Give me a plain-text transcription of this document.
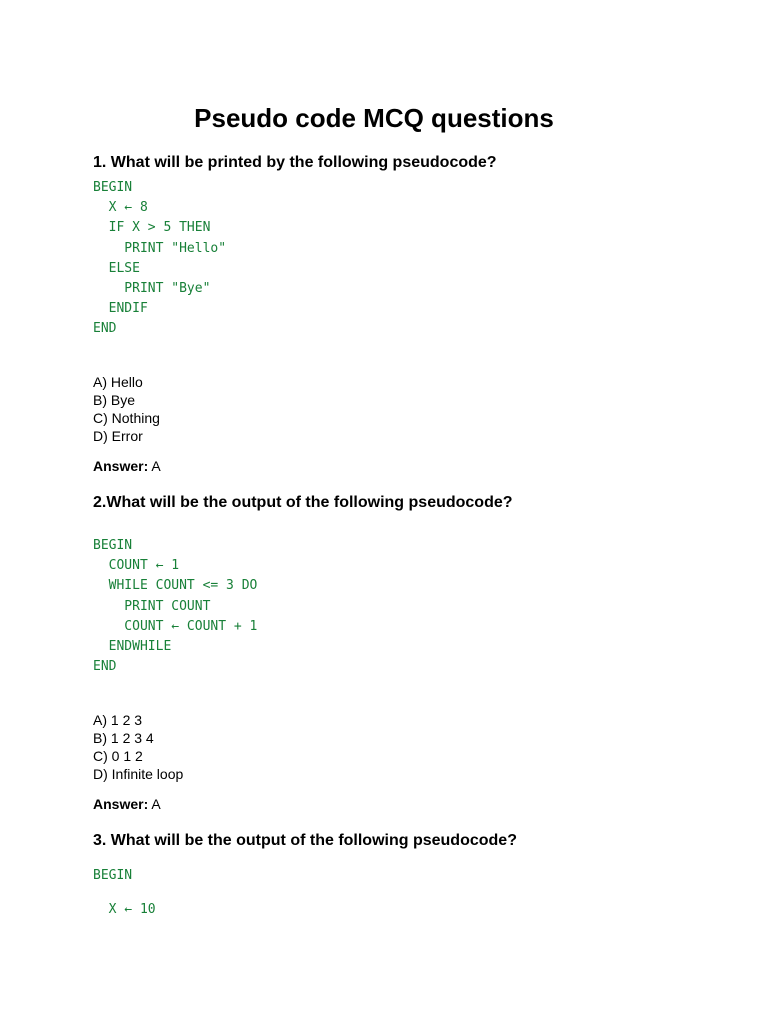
Pseudo code MCQ questions
1. What will be printed by the following pseudocode?
BEGIN
X ← 8
IF X > 5 THEN
PRINT "Hello"
ELSE
PRINT "Bye"
ENDIF
END
A) Hello
B) Bye
C) Nothing
D) Error

Answer: A

2.What will be the output of the following pseudocode?
BEGIN
COUNT ← 1
WHILE COUNT <= 3 DO
PRINT COUNT
COUNT ← COUNT + 1
ENDWHILE
END
A) 1 2 3
B) 1 2 3 4
C) 0 1 2
D) Infinite loop

Answer: A

3. What will be the output of the following pseudocode?
BEGIN
X ← 10
